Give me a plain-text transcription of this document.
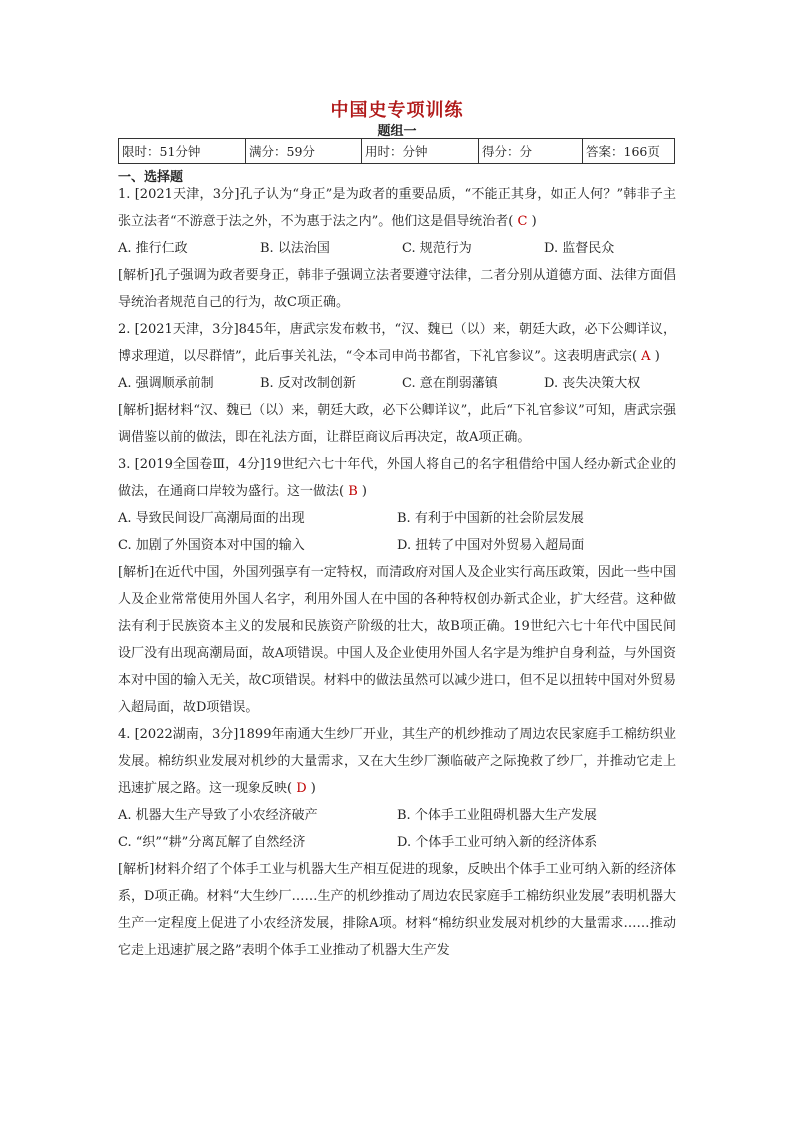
中国史专项训练
题组一
限时：51分钟	满分：59分	用时：分钟	得分：分	答案：166页
一、选择题

1. [2021天津，3分]孔子认为“身正”是为政者的重要品质，“不能正其身，如正人何？”韩非子主张立法者“不游意于法之外，不为惠于法之内”。他们这是倡导统治者( C )

A. 推行仁政	B. 以法治国	C. 规范行为	D. 监督民众

[解析]孔子强调为政者要身正，韩非子强调立法者要遵守法律，二者分别从道德方面、法律方面倡导统治者规范自己的行为，故C项正确。

2. [2021天津，3分]845年，唐武宗发布敕书，“汉、魏已（以）来，朝廷大政，必下公卿详议，博求理道，以尽群情”，此后事关礼法，“令本司申尚书都省，下礼官参议”。这表明唐武宗( A )

A. 强调顺承前制	B. 反对改制创新	C. 意在削弱藩镇	D. 丧失决策大权

[解析]据材料“汉、魏已（以）来，朝廷大政，必下公卿详议”，此后“下礼官参议”可知，唐武宗强调借鉴以前的做法，即在礼法方面，让群臣商议后再决定，故A项正确。

3. [2019全国卷Ⅲ，4分]19世纪六七十年代，外国人将自己的名字租借给中国人经办新式企业的做法，在通商口岸较为盛行。这一做法( B )

A. 导致民间设厂高潮局面的出现	B. 有利于中国新的社会阶层发展
C. 加剧了外国资本对中国的输入	D. 扭转了中国对外贸易入超局面

[解析]在近代中国，外国列强享有一定特权，而清政府对国人及企业实行高压政策，因此一些中国人及企业常常使用外国人名字，利用外国人在中国的各种特权创办新式企业，扩大经营。这种做法有利于民族资本主义的发展和民族资产阶级的壮大，故B项正确。19世纪六七十年代中国民间设厂没有出现高潮局面，故A项错误。中国人及企业使用外国人名字是为维护自身利益，与外国资本对中国的输入无关，故C项错误。材料中的做法虽然可以减少进口，但不足以扭转中国对外贸易入超局面，故D项错误。

4. [2022湖南，3分]1899年南通大生纱厂开业，其生产的机纱推动了周边农民家庭手工棉纺织业发展。棉纺织业发展对机纱的大量需求，又在大生纱厂濒临破产之际挽救了纱厂，并推动它走上迅速扩展之路。这一现象反映( D )

A. 机器大生产导致了小农经济破产	B. 个体手工业阻碍机器大生产发展
C. “织”“耕”分离瓦解了自然经济	D. 个体手工业可纳入新的经济体系

[解析]材料介绍了个体手工业与机器大生产相互促进的现象，反映出个体手工业可纳入新的经济体系，D项正确。材料“大生纱厂……生产的机纱推动了周边农民家庭手工棉纺织业发展”表明机器大生产一定程度上促进了小农经济发展，排除A项。材料“棉纺织业发展对机纱的大量需求……推动它走上迅速扩展之路”表明个体手工业推动了机器大生产发
